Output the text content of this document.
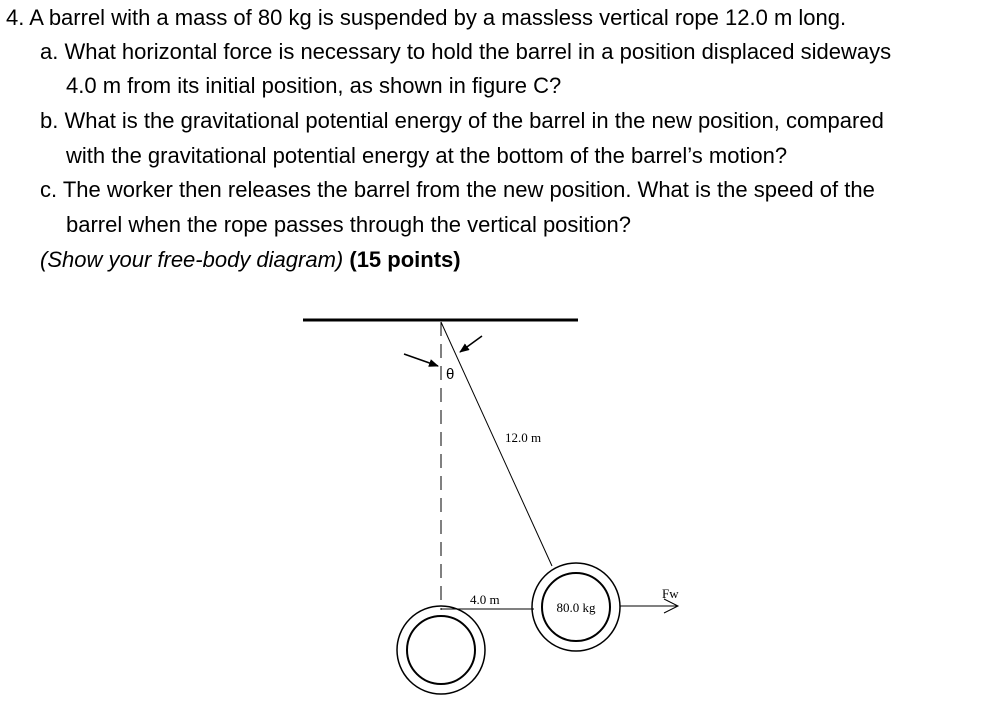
4. A barrel with a mass of 80 kg is suspended by a massless vertical rope 12.0 m long.
a. What horizontal force is necessary to hold the barrel in a position displaced sideways
4.0 m from its initial position, as shown in figure C?
b. What is the gravitational potential energy of the barrel in the new position, compared
with the gravitational potential energy at the bottom of the barrel’s motion?
c. The worker then releases the barrel from the new position. What is the speed of the
barrel when the rope passes through the vertical position?
(Show your free-body diagram) (15 points)
θ
12.0 m
4.0 m
80.0 kg
Fw
